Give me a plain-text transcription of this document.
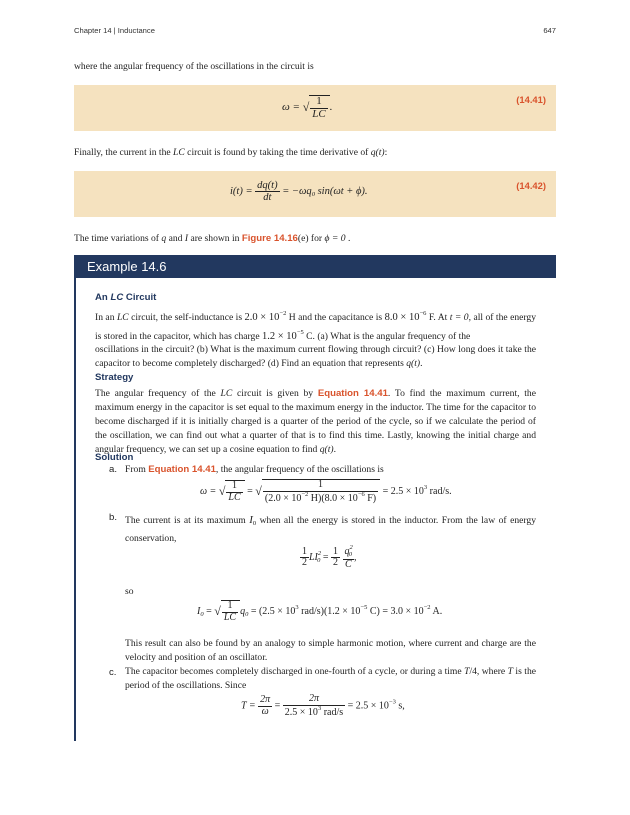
Chapter 14 | Inductance	647
where the angular frequency of the oscillations in the circuit is
(14.41)
ω = √ $\frac{1}{LC}$ .
Finally, the current in the LC circuit is found by taking the time derivative of q(t):
(14.42)
$i(t) = \frac{dq(t)}{dt} = -\omega q_0$ sin(ωt + ϕ).
The time variations of q and I are shown in Figure 14.16(e) for ϕ = 0 .
Example 14.6
An LC Circuit
In an LC circuit, the self-inductance is $2.0 \times 10^{-2}$ H and the capacitance is $8.0 \times 10^{-6}$ F. At t = 0, all of the energy is stored in the capacitor, which has charge $1.2 \times 10^{-5}$ C. (a) What is the angular frequency of the
oscillations in the circuit? (b) What is the maximum current flowing through circuit? (c) How long does it take the capacitor to become completely discharged? (d) Find an equation that represents q(t).
Strategy
The angular frequency of the LC circuit is given by Equation 14.41. To find the maximum current, the maximum energy in the capacitor is set equal to the maximum energy in the inductor. The time for the capacitor to become discharged if it is initially charged is a quarter of the period of the cycle, so if we calculate the period of the oscillation, we can find out what a quarter of that is to find this time. Lastly, knowing the initial charge and angular frequency, we can set up a cosine equation to find q(t).
Solution
a. From Equation 14.41, the angular frequency of the oscillations is
ω = √ $\frac{1}{LC}$ = √ $\frac{1}{(2.0 \times 10^{-2} H)(8.0 \times 10^{-6} F)} = 2.5 \times 10^3$ rad/s.
b. The current is at its maximum $I_0$ when all the energy is stored in the inductor. From the law of energy conservation,
$\frac{1}{2} LI^2_0 = \frac{1}{2}$
$\frac{q^2_0}{C}$ ,
so
$I_0$ = √ $\frac{1}{LC} q_0 = (2.5 \times 10^3$ $rad/s)(1.2 \times 10^{-5}$ $C) = 3.0 \times 10^{-2}$ A.
This result can also be found by an analogy to simple harmonic motion, where current and charge are the velocity and position of an oscillator.
c. The capacitor becomes completely discharged in one-fourth of a cycle, or during a time T/4, where T is the period of the oscillations. Since
$T = \frac{2\pi}{\omega} = \frac{2\pi}{2.5 \times 10^3 rad/s} = 2.5 \times 10^{-3}$ s,
